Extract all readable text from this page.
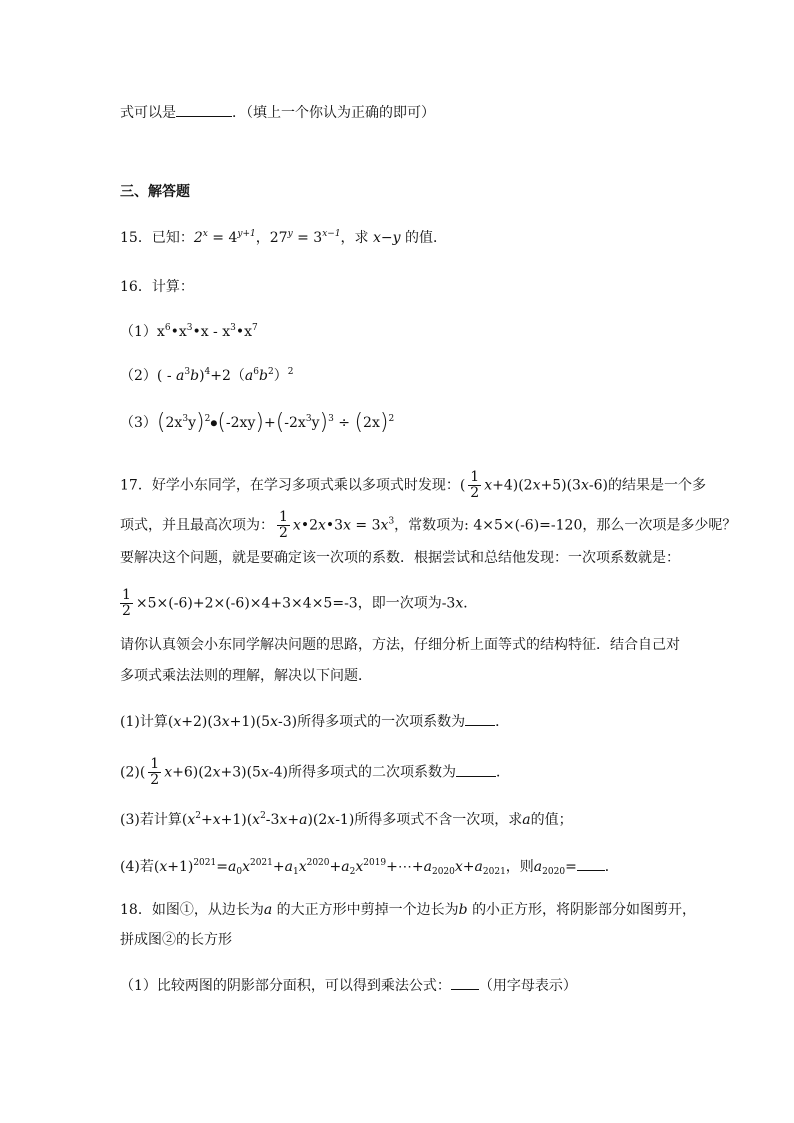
式可以是	．（填上一个你认为正确的即可）
三、解答题
15．已知：$2^x = 4^{y+1}$，$27^y = 3^{x-1}$，求 x−y 的值．
16．计算：
$(1)x^6•x^3•x$ - $x^3•x^7$
$(2)( - a^3b)^4+2(a^6b^2)^2$
$(3)(2x^3y)^2⦁(-2xy)+(-2x^3y)^3 \div (2x)^2$
17．好学小东同学，在学习多项式乘以多项式时发现：( $\frac{1}{2} x+4)(2x+5)(3x-6)$的结果是一个多
项式，并且最高次项为： $\frac{1}{2}$ x•2x•3x = $3x^3$，常数项为: 4×5×(-6)=-120，那么一次项是多少呢？
要解决这个问题，就是要确定该一次项的系数．根据尝试和总结他发现：一次项系数就是：
$\frac{1}{2} \times 5\times(-6)+2\times(-6)\times 4+3\times 4\times 5=-3$，即一次项为-3x．
请你认真领会小东同学解决问题的思路，方法，仔细分析上面等式的结构特征．结合自己对
多项式乘法法则的理解，解决以下问题．
(1)计算(x+2)(3x+1)(5x-3)所得多项式的一次项系数为 ．
$(2)( \frac{1}{2} x+6)(2x+3)(5x-4)$所得多项式的二次项系数为	．
(3)若计算$(x^2+x+1)(x^2-3x+a)(2x-1)$所得多项式不含一次项，求a的值；
(4)若$(x+1)^{2021}=a_0x^{2021}+a_1x^{2020}+a_2x^{2019}+\cdots+a_{2020}x+a_{2021}$，则$a_{2020}=$ ．
18．如图①，从边长为a 的大正方形中剪掉一个边长为b 的小正方形，将阴影部分如图剪开，
拼成图②的长方形
（1）比较两图的阴影部分面积，可以得到乘法公式： （用字母表示）
